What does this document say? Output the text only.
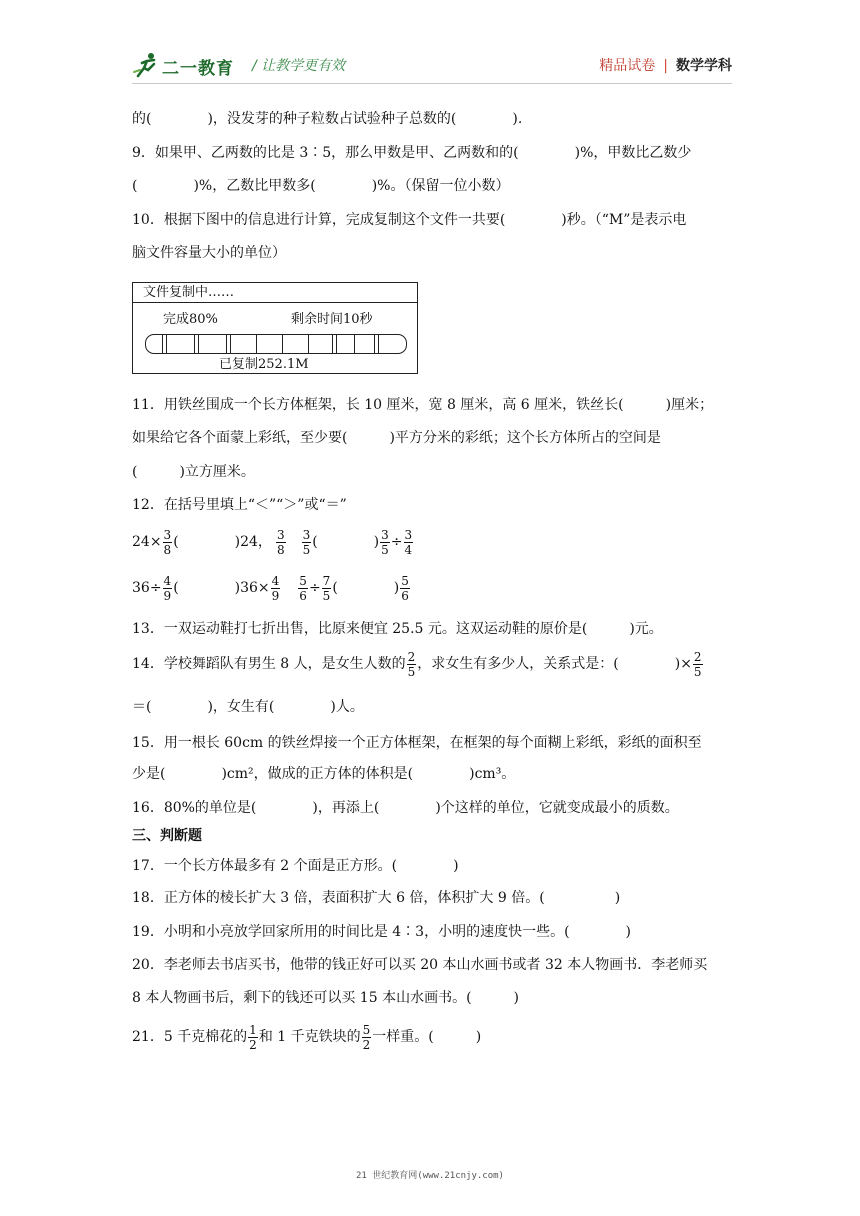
二一教育 / 让教学更有效	精品试卷 | 数学学科
的(　　　　)，没发芽的种子粒数占试验种子总数的(　　　　).
9．如果甲、乙两数的比是 3∶5，那么甲数是甲、乙两数和的(　　　　)%，甲数比乙数少
(　　　　)%，乙数比甲数多(　　　　)%。（保留一位小数）
10．根据下图中的信息进行计算，完成复制这个文件一共要(　　　　)秒。（“M”是表示电
脑文件容量大小的单位）
文件复制中……
完成80%	剩余时间10秒
已复制252.1M
11．用铁丝围成一个长方体框架，长 10 厘米，宽 8 厘米，高 6 厘米，铁丝长(　　　)厘米；
如果给它各个面蒙上彩纸，至少要(　　　)平方分米的彩纸；这个长方体所占的空间是
(　　　)立方厘米。
12．在括号里填上“＜”“＞”或“＝”
$24\times \frac{3}{8}$ (　　　　)24， $\frac{3}{8} \frac{3}{5}$ (　　　　) $\frac{3}{5} \div \frac{3}{4}$
$36\div \frac{4}{9}$ (　　　　)$36\times \frac{4}{9} \frac{5}{6} \div \frac{7}{5}$ (　　　　) $\frac{5}{6}$
13．一双运动鞋打七折出售，比原来便宜 25.5 元。这双运动鞋的原价是(　　　)元。
14．学校舞蹈队有男生 8 人，是女生人数的 $\frac{2}{5}$ ，求女生有多少人，关系式是：(　　　　)× $\frac{2}{5}$
＝(　　　　)，女生有(　　　　)人。
15．用一根长 60cm 的铁丝焊接一个正方体框架，在框架的每个面糊上彩纸，彩纸的面积至
少是(　　　　)cm²，做成的正方体的体积是(　　　　)cm³。
16．80%的单位是(　　　　)，再添上(　　　　)个这样的单位，它就变成最小的质数。
三、判断题
17．一个长方体最多有 2 个面是正方形。(　　　　)
18．正方体的棱长扩大 3 倍，表面积扩大 6 倍，体积扩大 9 倍。(　　　　　)
19．小明和小亮放学回家所用的时间比是 4∶3，小明的速度快一些。(　　　　)
20．李老师去书店买书，他带的钱正好可以买 20 本山水画书或者 32 本人物画书．李老师买
8 本人物画书后，剩下的钱还可以买 15 本山水画书。(　　　)
21．5 千克棉花的 $\frac{1}{2}$ 和 1 千克铁块的 $\frac{5}{2}$ 一样重。(　　　)
21 世纪教育网(www.21cnjy.com)
